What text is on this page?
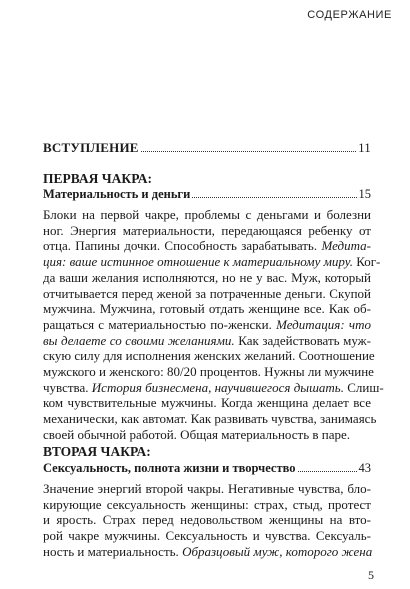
СОДЕРЖАНИЕ
ВСТУПЛЕНИЕ	11
ПЕРВАЯ ЧАКРА:
Материальность и деньги	15
Блоки на первой чакре, проблемы с деньгами и болезни
ног. Энергия материальности, передающаяся ребенку от
отца. Папины дочки. Способность зарабатывать. Медита-
ция: ваше истинное отношение к материальному миру. Ког-
да ваши желания исполняются, но не у вас. Муж, который
отчитывается перед женой за потраченные деньги. Скупой
мужчина. Мужчина, готовый отдать женщине все. Как об-
ращаться с материальностью по-женски. Медитация: что
вы делаете со своими желаниями. Как задействовать муж-
скую силу для исполнения женских желаний. Соотношение
мужского и женского: 80/20 процентов. Нужны ли мужчине
чувства. История бизнесмена, научившегося дышать. Слиш-
ком чувствительные мужчины. Когда женщина делает все
механически, как автомат. Как развивать чувства, занимаясь
своей обычной работой. Общая материальность в паре.
ВТОРАЯ ЧАКРА:
Сексуальность, полнота жизни и творчество	43
Значение энергий второй чакры. Негативные чувства, бло-
кирующие сексуальность женщины: страх, стыд, протест
и ярость. Страх перед недовольством женщины на вто-
рой чакре мужчины. Сексуальность и чувства. Сексуаль-
ность и материальность. Образцовый муж, которого жена
5
